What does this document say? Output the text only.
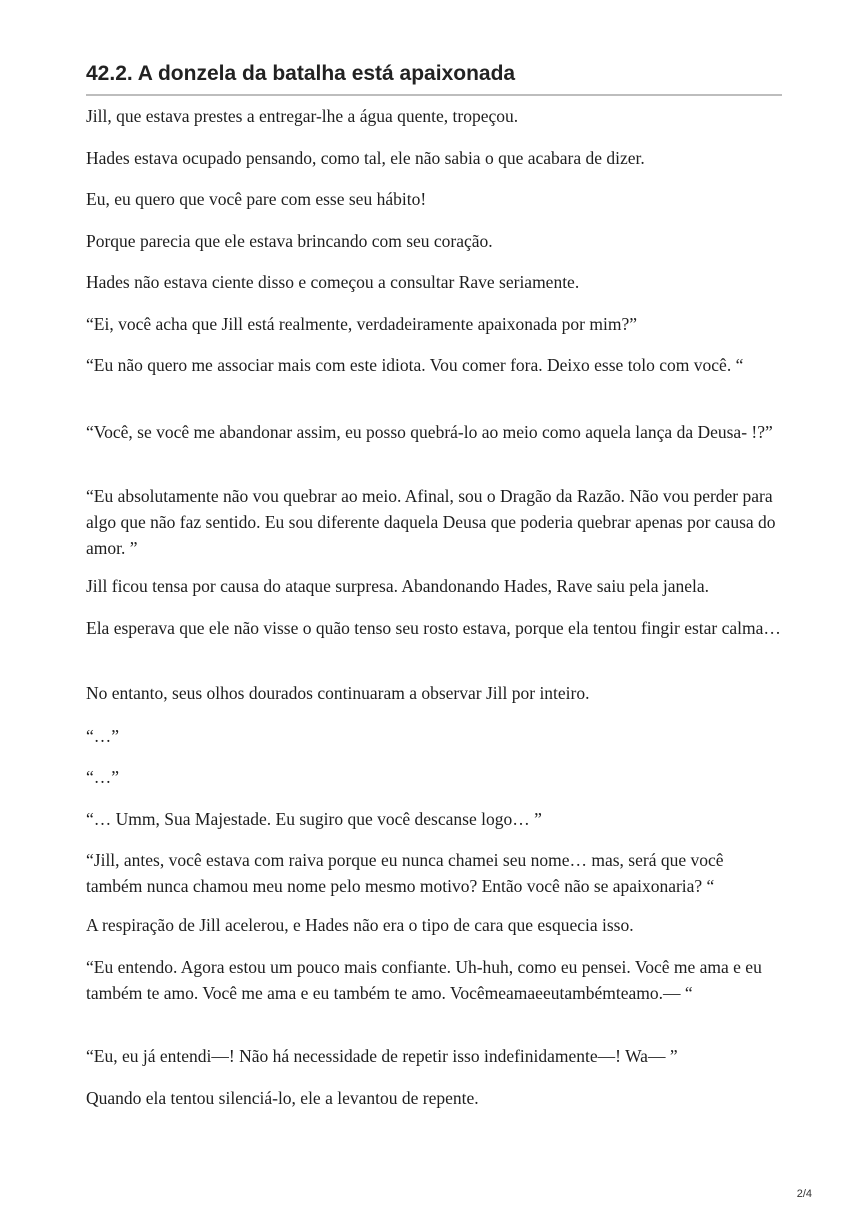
42.2. A donzela da batalha está apaixonada

Jill, que estava prestes a entregar-lhe a água quente, tropeçou.

Hades estava ocupado pensando, como tal, ele não sabia o que acabara de dizer.

Eu, eu quero que você pare com esse seu hábito!

Porque parecia que ele estava brincando com seu coração.

Hades não estava ciente disso e começou a consultar Rave seriamente.

“Ei, você acha que Jill está realmente, verdadeiramente apaixonada por mim?”

“Eu não quero me associar mais com este idiota. Vou comer fora. Deixo esse tolo com você. “

“Você, se você me abandonar assim, eu posso quebrá-lo ao meio como aquela lança da Deusa- !?”

“Eu absolutamente não vou quebrar ao meio. Afinal, sou o Dragão da Razão. Não vou perder para algo que não faz sentido. Eu sou diferente daquela Deusa que poderia quebrar apenas por causa do amor. ”

Jill ficou tensa por causa do ataque surpresa. Abandonando Hades, Rave saiu pela janela.

Ela esperava que ele não visse o quão tenso seu rosto estava, porque ela tentou fingir estar calma…

No entanto, seus olhos dourados continuaram a observar Jill por inteiro.

“…”

“…”

“… Umm, Sua Majestade. Eu sugiro que você descanse logo… ”

“Jill, antes, você estava com raiva porque eu nunca chamei seu nome… mas, será que você também nunca chamou meu nome pelo mesmo motivo? Então você não se apaixonaria? “

A respiração de Jill acelerou, e Hades não era o tipo de cara que esquecia isso.

“Eu entendo. Agora estou um pouco mais confiante. Uh-huh, como eu pensei. Você me ama e eu também te amo. Você me ama e eu também te amo. Vocêmeamaeeutambémteamo.— “

“Eu, eu já entendi—! Não há necessidade de repetir isso indefinidamente—! Wa— ”

Quando ela tentou silenciá-lo, ele a levantou de repente.

2/4
